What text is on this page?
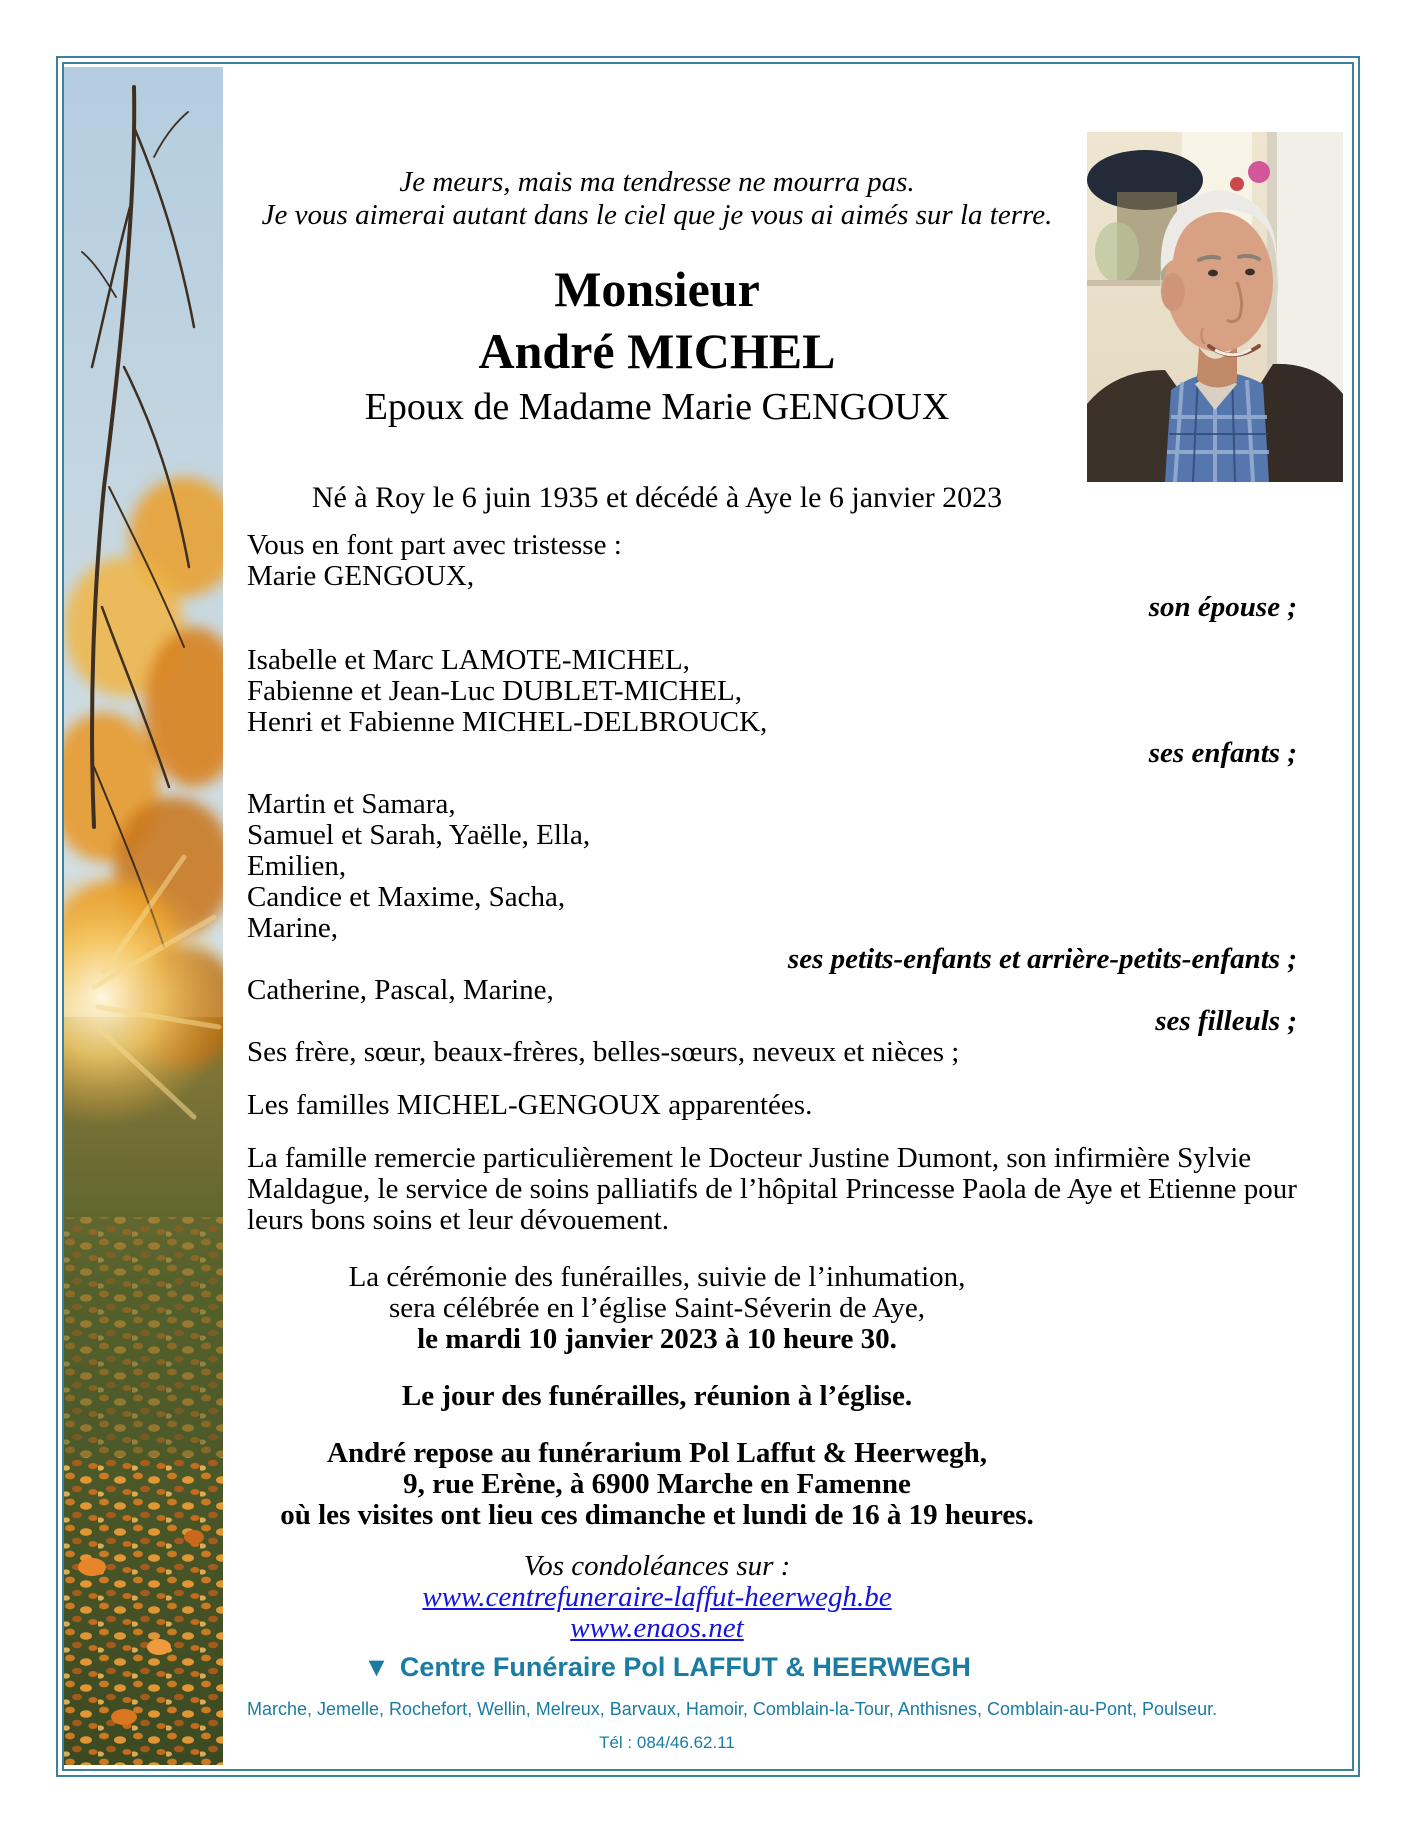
Je meurs, mais ma tendresse ne mourra pas.
Je vous aimerai autant dans le ciel que je vous ai aimés sur la terre.
Monsieur
André MICHEL
Epoux de Madame Marie GENGOUX
Né à Roy le 6 juin 1935 et décédé à Aye le 6 janvier 2023
Vous en font part avec tristesse :
Marie GENGOUX,
son épouse ;
Isabelle et Marc LAMOTE-MICHEL,
Fabienne et Jean-Luc DUBLET-MICHEL,
Henri et Fabienne MICHEL-DELBROUCK,
ses enfants ;
Martin et Samara,
Samuel et Sarah, Yaëlle, Ella,
Emilien,
Candice et Maxime, Sacha,
Marine,
ses petits-enfants et arrière-petits-enfants ;
Catherine, Pascal, Marine,
ses filleuls ;
Ses frère, sœur, beaux-frères, belles-sœurs, neveux et nièces ;
Les familles MICHEL-GENGOUX apparentées.
La famille remercie particulièrement le Docteur Justine Dumont, son infirmière Sylvie Maldague, le service de soins palliatifs de l’hôpital Princesse Paola de Aye et Etienne pour leurs bons soins et leur dévouement.
La cérémonie des funérailles, suivie de l’inhumation,
sera célébrée en l’église Saint-Séverin de Aye,
le mardi 10 janvier 2023 à 10 heure 30.
Le jour des funérailles, réunion à l’église.
André repose au funérarium Pol Laffut & Heerwegh,
9, rue Erène, à 6900 Marche en Famenne
où les visites ont lieu ces dimanche et lundi de 16 à 19 heures.
Vos condoléances sur :
www.centrefuneraire-laffut-heerwegh.be
www.enaos.net
▼ Centre Funéraire Pol LAFFUT & HEERWEGH
Marche, Jemelle, Rochefort, Wellin, Melreux, Barvaux, Hamoir, Comblain-la-Tour, Anthisnes, Comblain-au-Pont, Poulseur.
Tél : 084/46.62.11
